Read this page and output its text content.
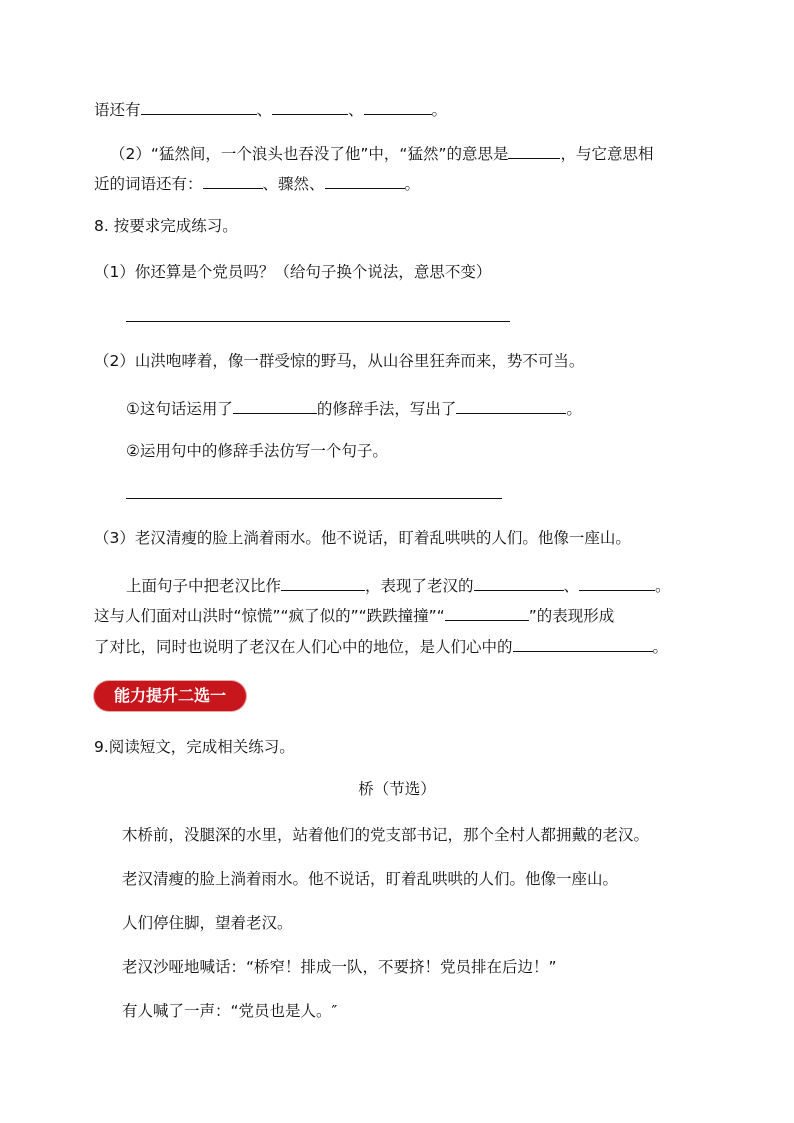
语还有	、	、	。
（2）“猛然间，一个浪头也吞没了他”中，“猛然”的意思是	，与它意思相
近的词语还有：	、骤然、	。
8. 按要求完成练习。
（1）你还算是个党员吗？（给句子换个说法，意思不变）
（2）山洪咆哮着，像一群受惊的野马，从山谷里狂奔而来，势不可当。
①这句话运用了	的修辞手法，写出了	。
②运用句中的修辞手法仿写一个句子。
（3）老汉清瘦的脸上淌着雨水。他不说话，盯着乱哄哄的人们。他像一座山。
上面句子中把老汉比作	，表现了老汉的	、	。
这与人们面对山洪时“惊慌”“疯了似的”“跌跌撞撞”“	”的表现形成
了对比，同时也说明了老汉在人们心中的地位，是人们心中的	。
能力提升二选一
9.阅读短文，完成相关练习。
桥（节选）
木桥前，没腿深的水里，站着他们的党支部书记，那个全村人都拥戴的老汉。
老汉清瘦的脸上淌着雨水。他不说话，盯着乱哄哄的人们。他像一座山。
人们停住脚，望着老汉。
老汉沙哑地喊话：“桥窄！排成一队，不要挤！党员排在后边！”
有人喊了一声：“党员也是人。″
